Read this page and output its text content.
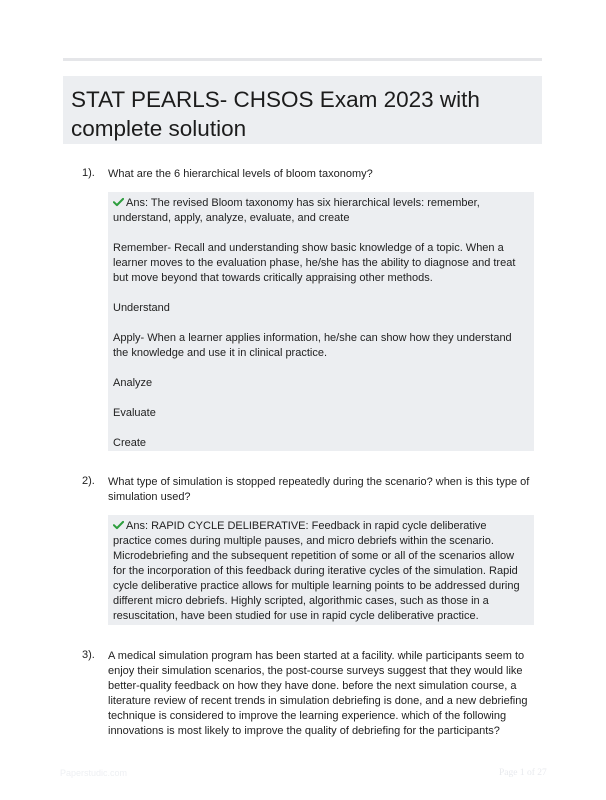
STAT PEARLS- CHSOS Exam 2023 with complete solution
1). What are the 6 hierarchical levels of bloom taxonomy?

Ans: The revised Bloom taxonomy has six hierarchical levels: remember, understand, apply, analyze, evaluate, and create

Remember- Recall and understanding show basic knowledge of a topic. When a learner moves to the evaluation phase, he/she has the ability to diagnose and treat but move beyond that towards critically appraising other methods.

Understand

Apply- When a learner applies information, he/she can show how they understand the knowledge and use it in clinical practice.

Analyze

Evaluate

Create

2). What type of simulation is stopped repeatedly during the scenario? when is this type of simulation used?

Ans: RAPID CYCLE DELIBERATIVE: Feedback in rapid cycle deliberative practice comes during multiple pauses, and micro debriefs within the scenario. Microdebriefing and the subsequent repetition of some or all of the scenarios allow for the incorporation of this feedback during iterative cycles of the simulation. Rapid cycle deliberative practice allows for multiple learning points to be addressed during different micro debriefs. Highly scripted, algorithmic cases, such as those in a resuscitation, have been studied for use in rapid cycle deliberative practice.

3). A medical simulation program has been started at a facility. while participants seem to enjoy their simulation scenarios, the post-course surveys suggest that they would like better-quality feedback on how they have done. before the next simulation course, a literature review of recent trends in simulation debriefing is done, and a new debriefing technique is considered to improve the learning experience. which of the following innovations is most likely to improve the quality of debriefing for the participants?
Paperstudic.com	Page 1 of 27
